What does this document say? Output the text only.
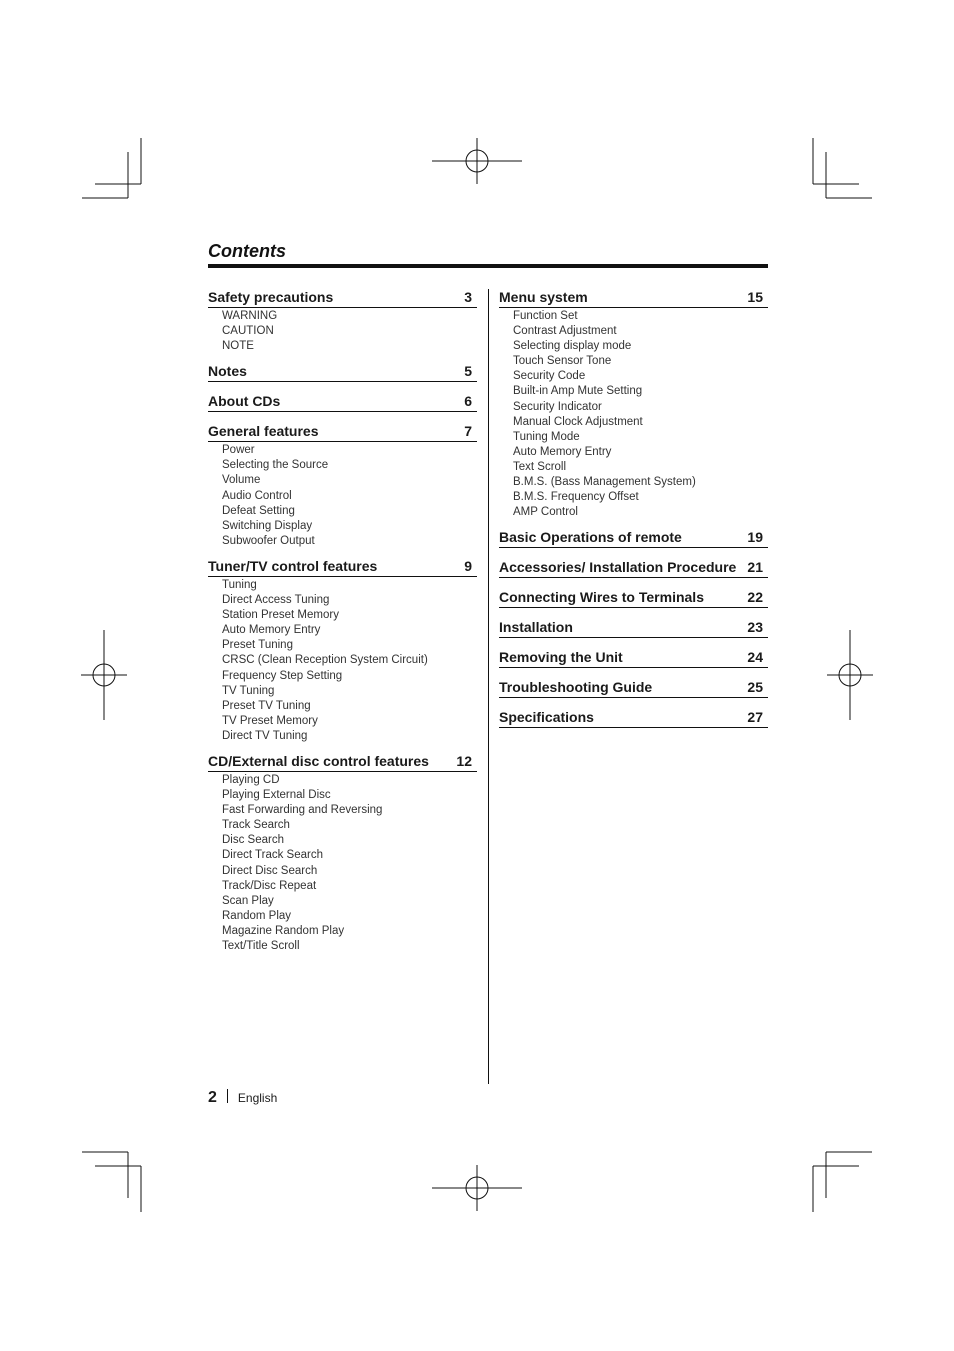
Contents
Safety precautions	3
WARNING
CAUTION
NOTE
Notes	5
About CDs	6
General features	7
Power
Selecting the Source
Volume
Audio Control
Defeat Setting
Switching Display
Subwoofer Output
Tuner/TV control features	9
Tuning
Direct Access Tuning
Station Preset Memory
Auto Memory Entry
Preset Tuning
CRSC (Clean Reception System Circuit)
Frequency Step Setting
TV Tuning
Preset TV Tuning
TV Preset Memory
Direct TV Tuning
CD/External disc control features 12
Playing CD
Playing External Disc
Fast Forwarding and Reversing
Track Search
Disc Search
Direct Track Search
Direct Disc Search
Track/Disc Repeat
Scan Play
Random Play
Magazine Random Play
Text/Title Scroll
Menu system	15
Function Set
Contrast Adjustment
Selecting display mode
Touch Sensor Tone
Security Code
Built-in Amp Mute Setting
Security Indicator
Manual Clock Adjustment
Tuning Mode
Auto Memory Entry
Text Scroll
B.M.S. (Bass Management System)
B.M.S. Frequency Offset
AMP Control
Basic Operations of remote	19
Accessories/ Installation Procedure 21
Connecting Wires to Terminals	22
Installation	23
Removing the Unit	24
Troubleshooting Guide	25
Specifications	27
2 English
